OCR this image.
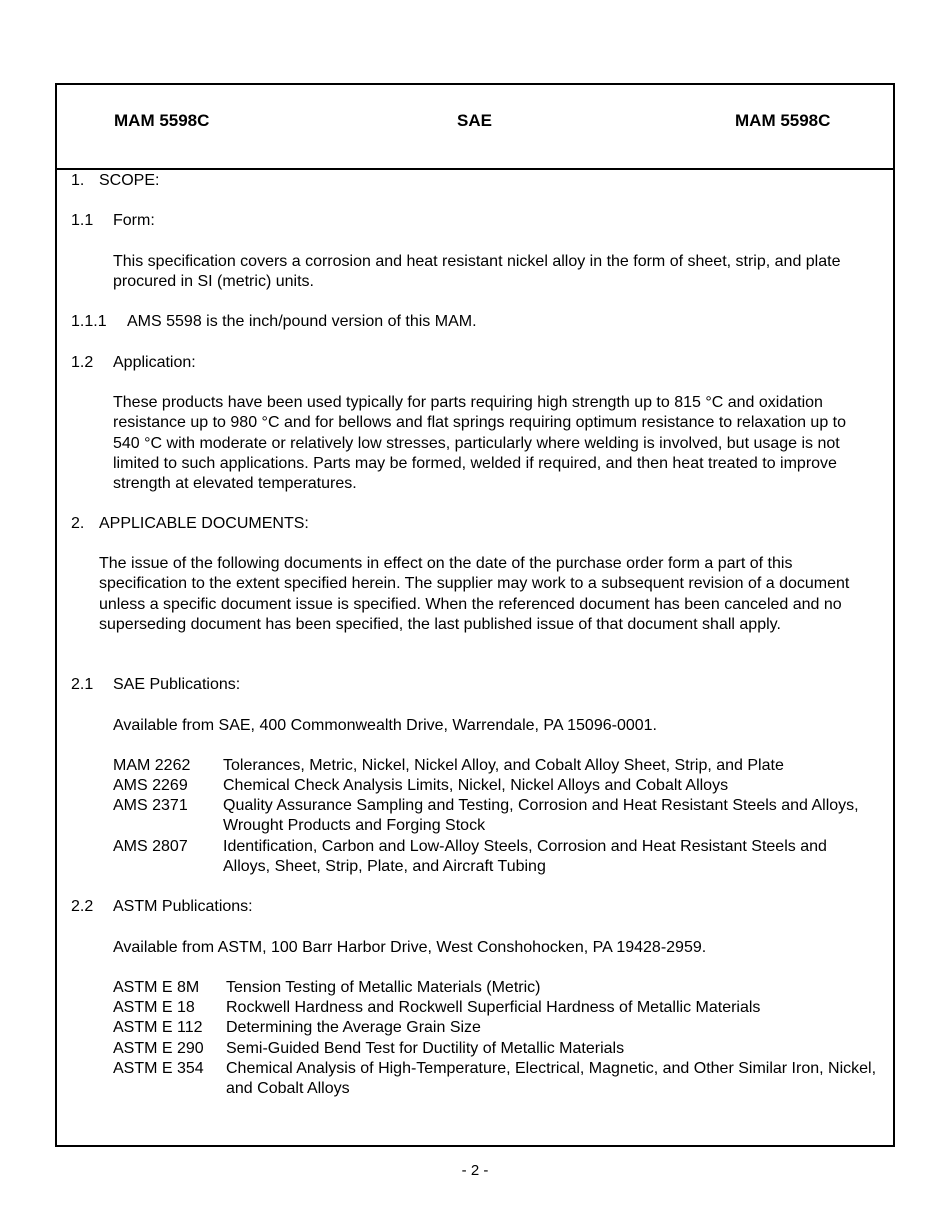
MAM 5598C	SAE	MAM 5598C
1. SCOPE:
1.1 Form:
This specification covers a corrosion and heat resistant nickel alloy in the form of sheet, strip, and plate procured in SI (metric) units.
1.1.1 AMS 5598 is the inch/pound version of this MAM.
1.2 Application:
These products have been used typically for parts requiring high strength up to 815 °C and oxidation resistance up to 980 °C and for bellows and flat springs requiring optimum resistance to relaxation up to 540 °C with moderate or relatively low stresses, particularly where welding is involved, but usage is not limited to such applications. Parts may be formed, welded if required, and then heat treated to improve strength at elevated temperatures.
2. APPLICABLE DOCUMENTS:
The issue of the following documents in effect on the date of the purchase order form a part of this specification to the extent specified herein. The supplier may work to a subsequent revision of a document unless a specific document issue is specified. When the referenced document has been canceled and no superseding document has been specified, the last published issue of that document shall apply.
2.1 SAE Publications:
Available from SAE, 400 Commonwealth Drive, Warrendale, PA 15096-0001.
MAM 2262 Tolerances, Metric, Nickel, Nickel Alloy, and Cobalt Alloy Sheet, Strip, and Plate
AMS 2269 Chemical Check Analysis Limits, Nickel, Nickel Alloys and Cobalt Alloys
AMS 2371 Quality Assurance Sampling and Testing, Corrosion and Heat Resistant Steels and Alloys, Wrought Products and Forging Stock
AMS 2807 Identification, Carbon and Low-Alloy Steels, Corrosion and Heat Resistant Steels and Alloys, Sheet, Strip, Plate, and Aircraft Tubing
2.2 ASTM Publications:
Available from ASTM, 100 Barr Harbor Drive, West Conshohocken, PA 19428-2959.
ASTM E 8M Tension Testing of Metallic Materials (Metric)
ASTM E 18 Rockwell Hardness and Rockwell Superficial Hardness of Metallic Materials
ASTM E 112 Determining the Average Grain Size
ASTM E 290 Semi-Guided Bend Test for Ductility of Metallic Materials
ASTM E 354 Chemical Analysis of High-Temperature, Electrical, Magnetic, and Other Similar Iron, Nickel, and Cobalt Alloys
- 2 -
